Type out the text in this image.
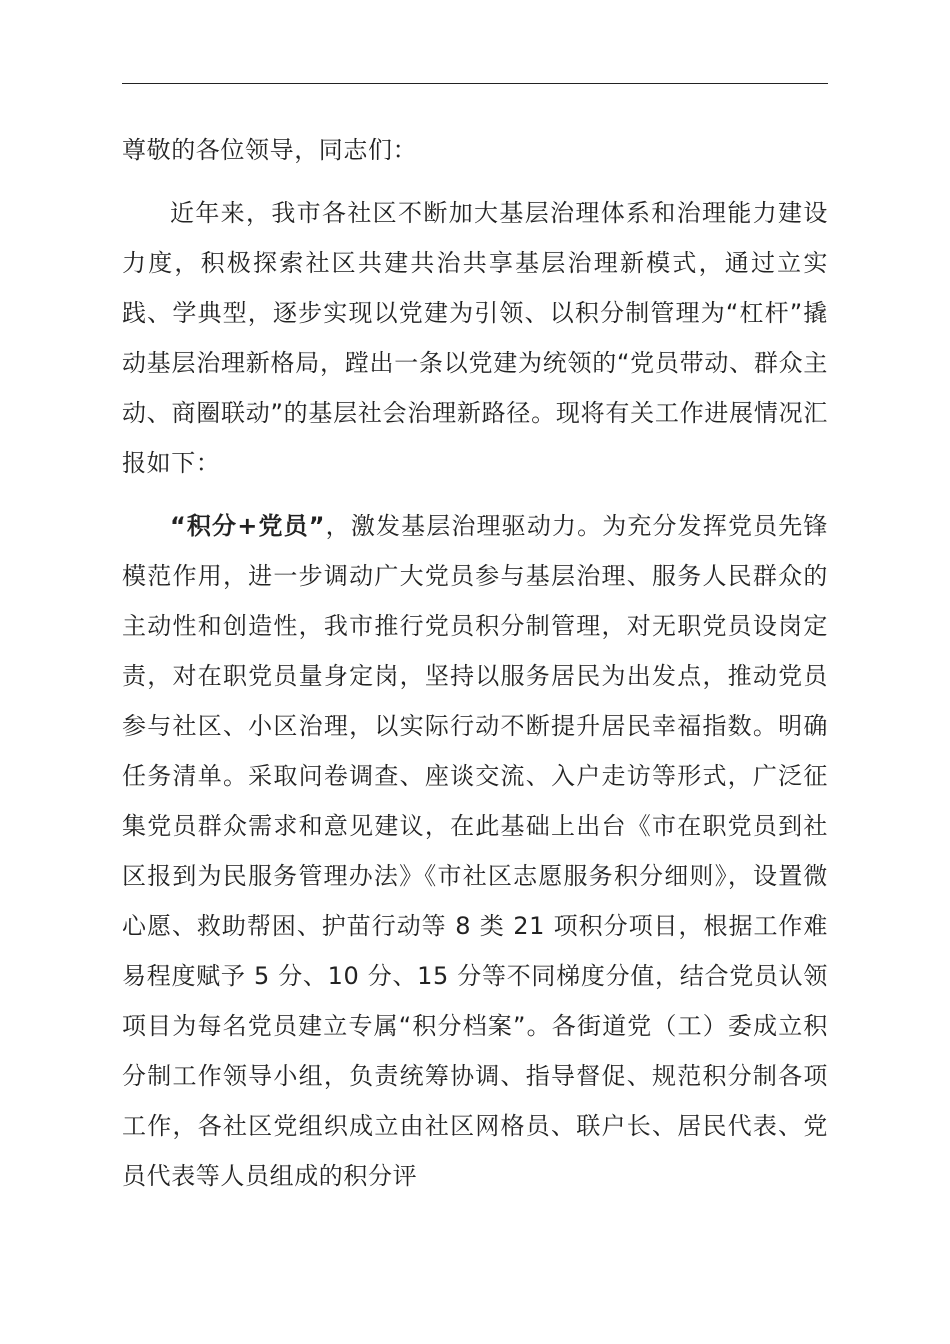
尊敬的各位领导，同志们：

近年来，我市各社区不断加大基层治理体系和治理能力建设力度，积极探索社区共建共治共享基层治理新模式，通过立实践、学典型，逐步实现以党建为引领、以积分制管理为“杠杆”撬动基层治理新格局，蹚出一条以党建为统领的“党员带动、群众主动、商圈联动”的基层社会治理新路径。现将有关工作进展情况汇报如下：

“积分+党员”，激发基层治理驱动力。为充分发挥党员先锋模范作用，进一步调动广大党员参与基层治理、服务人民群众的主动性和创造性，我市推行党员积分制管理，对无职党员设岗定责，对在职党员量身定岗，坚持以服务居民为出发点，推动党员参与社区、小区治理，以实际行动不断提升居民幸福指数。明确任务清单。采取问卷调查、座谈交流、入户走访等形式，广泛征集党员群众需求和意见建议，在此基础上出台《市在职党员到社区报到为民服务管理办法》《市社区志愿服务积分细则》，设置微心愿、救助帮困、护苗行动等 8 类 21 项积分项目，根据工作难易程度赋予 5 分、10 分、15 分等不同梯度分值，结合党员认领项目为每名党员建立专属“积分档案”。各街道党（工）委成立积分制工作领导小组，负责统筹协调、指导督促、规范积分制各项工作，各社区党组织成立由社区网格员、联户长、居民代表、党员代表等人员组成的积分评
